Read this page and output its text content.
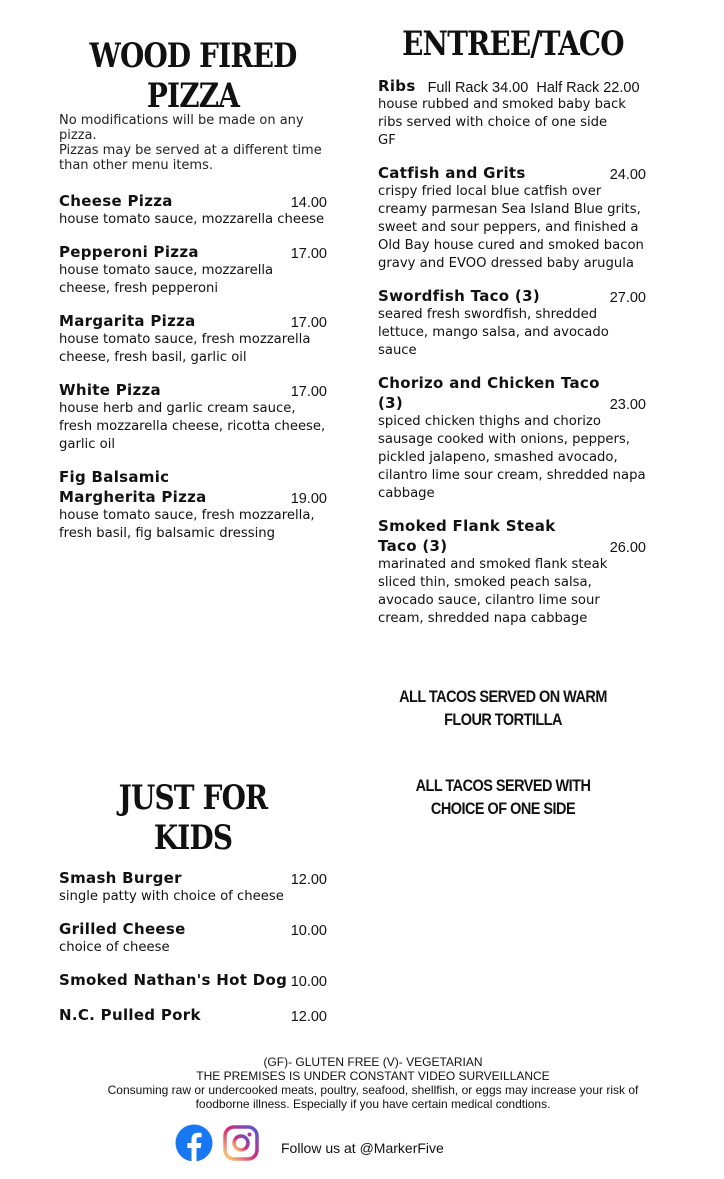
WOOD FIRED PIZZA

No modifications will be made on any pizza.

Pizzas may be served at a different time than other menu items.

Cheese Pizza	14.00
house tomato sauce, mozzarella cheese
Pepperoni Pizza	17.00
house tomato sauce, mozzarella cheese, fresh pepperoni
Margarita Pizza	17.00
house tomato sauce, fresh mozzarella cheese, fresh basil, garlic oil
White Pizza	17.00
house herb and garlic cream sauce, fresh mozzarella cheese, ricotta cheese, garlic oil
Fig Balsamic Margherita Pizza	19.00
house tomato sauce, fresh mozzarella, fresh basil, fig balsamic dressing
ENTREE/TACO
Ribs Full Rack 34.00  Half Rack 22.00
house rubbed and smoked baby back ribs served with choice of one side
GF
Catfish and Grits	24.00
crispy fried local blue catfish over creamy parmesan Sea Island Blue grits, sweet and sour peppers, and finished a Old Bay house cured and smoked bacon gravy and EVOO dressed baby arugula
Swordfish Taco (3)	27.00
seared fresh swordfish, shredded lettuce, mango salsa, and avocado sauce
Chorizo and Chicken Taco (3)	23.00
spiced chicken thighs and chorizo sausage cooked with onions, peppers, pickled jalapeno, smashed avocado, cilantro lime sour cream, shredded napa cabbage
Smoked Flank Steak Taco (3)	26.00
marinated and smoked flank steak sliced thin, smoked peach salsa, avocado sauce, cilantro lime sour cream, shredded napa cabbage
ALL TACOS SERVED ON WARM FLOUR TORTILLA
ALL TACOS SERVED WITH CHOICE OF ONE SIDE
JUST FOR KIDS
Smash Burger	12.00
single patty with choice of cheese
Grilled Cheese	10.00
choice of cheese
Smoked Nathan's Hot Dog 10.00
N.C. Pulled Pork	12.00
(GF)- GLUTEN FREE (V)- VEGETARIAN
THE PREMISES IS UNDER CONSTANT VIDEO SURVEILLANCE
Consuming raw or undercooked meats, poultry, seafood, shellfish, or eggs may increase your risk of foodborne illness. Especially if you have certain medical condtions.
Follow us at @MarkerFive
